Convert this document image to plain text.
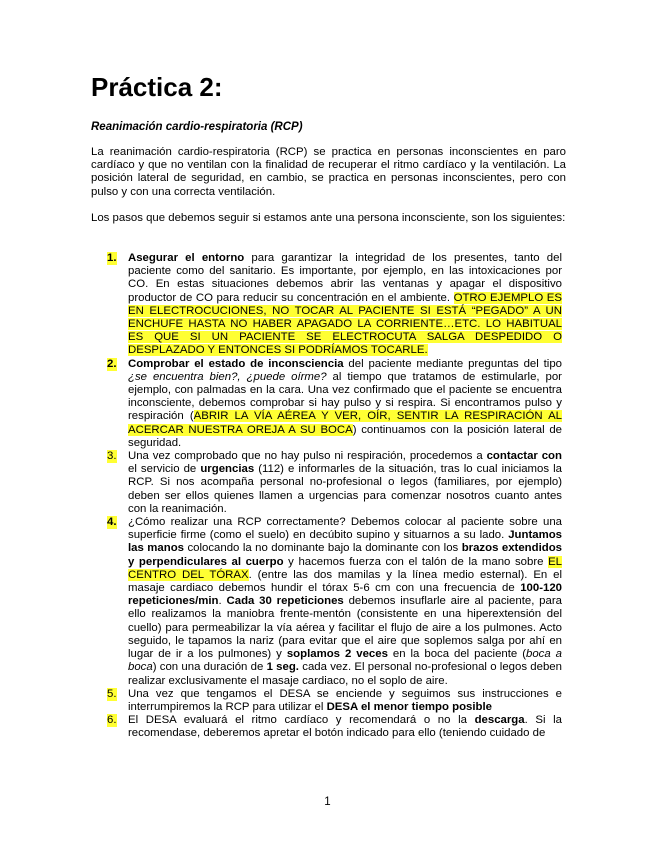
Práctica 2:
Reanimación cardio-respiratoria (RCP)

La reanimación cardio-respiratoria (RCP) se practica en personas inconscientes en paro cardíaco y que no ventilan con la finalidad de recuperar el ritmo cardíaco y la ventilación. La posición lateral de seguridad, en cambio, se practica en personas inconscientes, pero con pulso y con una correcta ventilación.

Los pasos que debemos seguir si estamos ante una persona inconsciente, son los siguientes:

1. Asegurar el entorno para garantizar la integridad de los presentes, tanto del paciente como del sanitario. Es importante, por ejemplo, en las intoxicaciones por CO. En estas situaciones debemos abrir las ventanas y apagar el dispositivo productor de CO para reducir su concentración en el ambiente. OTRO EJEMPLO ES EN ELECTROCUCIONES, NO TOCAR AL PACIENTE SI ESTÁ “PEGADO” A UN ENCHUFE HASTA NO HABER APAGADO LA CORRIENTE…ETC. LO HABITUAL ES QUE SI UN PACIENTE SE ELECTROCUTA SALGA DESPEDIDO O DESPLAZADO Y ENTONCES SI PODRÍAMOS TOCARLE.
2. Comprobar el estado de inconsciencia del paciente mediante preguntas del tipo ¿se encuentra bien?, ¿puede oírme? al tiempo que tratamos de estimularle, por ejemplo, con palmadas en la cara. Una vez confirmado que el paciente se encuentra inconsciente, debemos comprobar si hay pulso y si respira. Si encontramos pulso y respiración (ABRIR LA VÍA AÉREA Y VER, OÍR, SENTIR LA RESPIRACIÓN AL ACERCAR NUESTRA OREJA A SU BOCA) continuamos con la posición lateral de seguridad.
3. Una vez comprobado que no hay pulso ni respiración, procedemos a contactar con el servicio de urgencias (112) e informarles de la situación, tras lo cual iniciamos la RCP. Si nos acompaña personal no-profesional o legos (familiares, por ejemplo) deben ser ellos quienes llamen a urgencias para comenzar nosotros cuanto antes con la reanimación.
4. ¿Cómo realizar una RCP correctamente? Debemos colocar al paciente sobre una superficie firme (como el suelo) en decúbito supino y situarnos a su lado. Juntamos las manos colocando la no dominante bajo la dominante con los brazos extendidos y perpendiculares al cuerpo y hacemos fuerza con el talón de la mano sobre EL CENTRO DEL TÓRAX. (entre las dos mamilas y la línea medio esternal). En el masaje cardiaco debemos hundir el tórax 5-6 cm con una frecuencia de 100-120 repeticiones/min. Cada 30 repeticiones debemos insuflarle aire al paciente, para ello realizamos la maniobra frente-mentón (consistente en una hiperextensión del cuello) para permeabilizar la vía aérea y facilitar el flujo de aire a los pulmones. Acto seguido, le tapamos la nariz (para evitar que el aire que soplemos salga por ahí en lugar de ir a los pulmones) y soplamos 2 veces en la boca del paciente (boca a boca) con una duración de 1 seg. cada vez. El personal no-profesional o legos deben realizar exclusivamente el masaje cardiaco, no el soplo de aire.
5. Una vez que tengamos el DESA se enciende y seguimos sus instrucciones e interrumpiremos la RCP para utilizar el DESA el menor tiempo posible
6. El DESA evaluará el ritmo cardíaco y recomendará o no la descarga. Si la recomendase, deberemos apretar el botón indicado para ello (teniendo cuidado de
1
